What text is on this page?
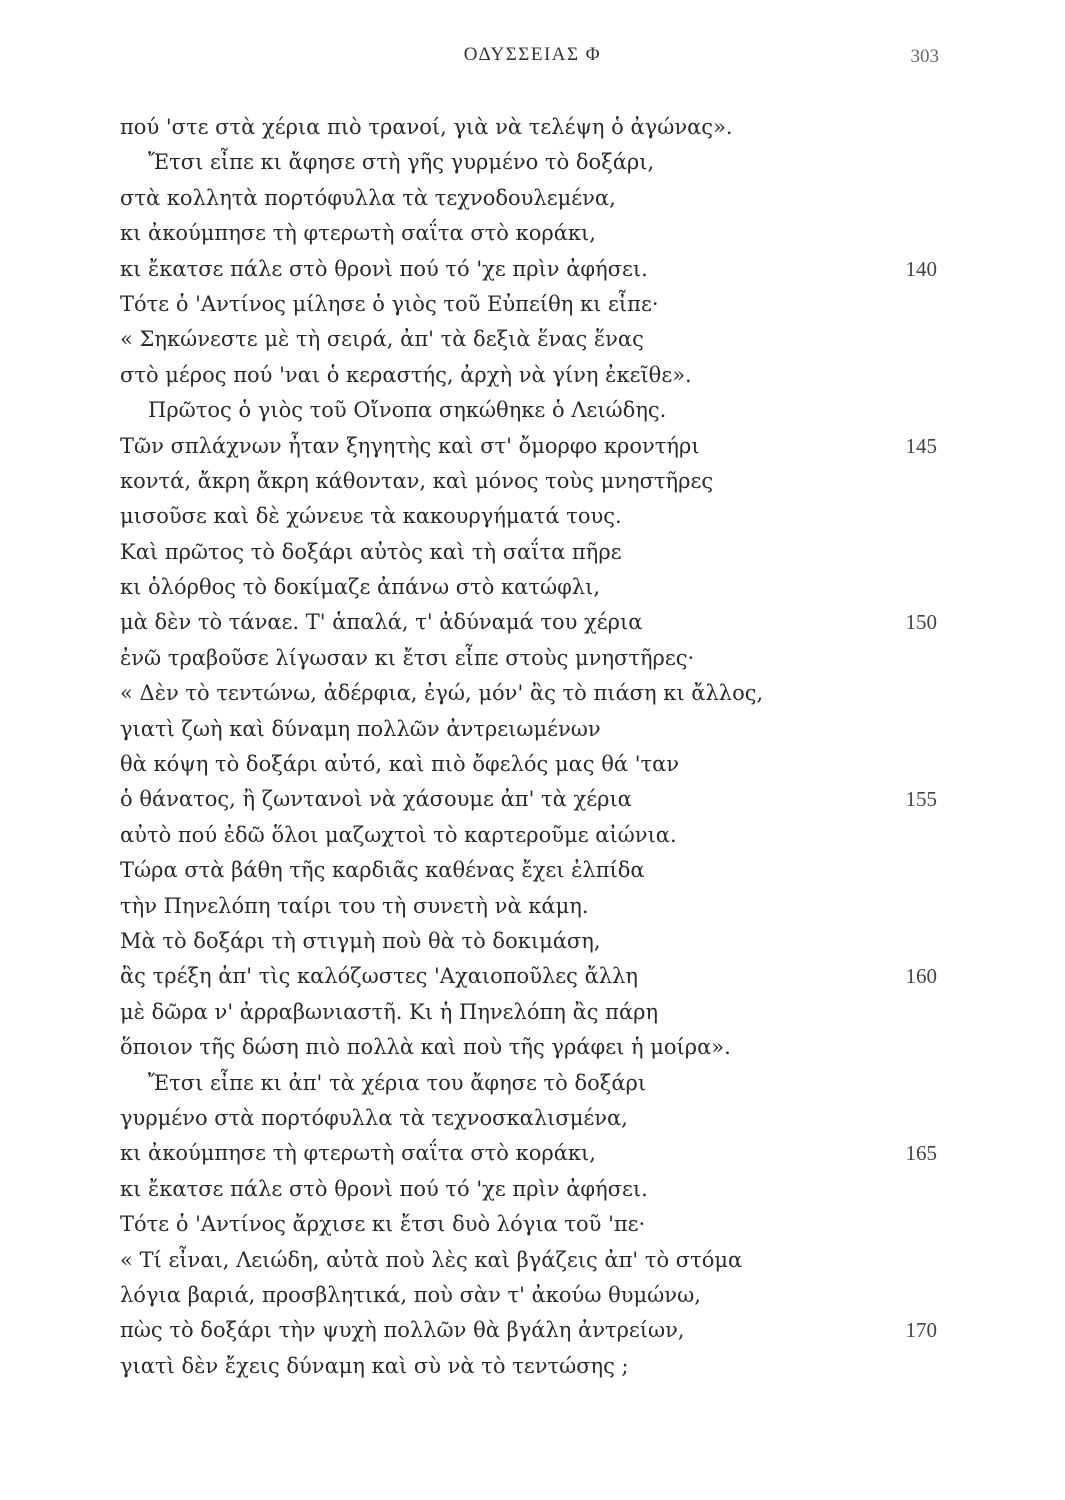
ΟΔΥΣΣΕΙΑΣ Φ	303
πού 'στε στὰ χέρια πιὸ τρανοί, γιὰ νὰ τελέψη ὁ ἀγώνας».
Ἔτσι εἶπε κι ἄφησε στὴ γῆς γυρμένο τὸ δοξάρι,
στὰ κολλητὰ πορτόφυλλα τὰ τεχνοδουλεμένα,
κι ἀκούμπησε τὴ φτερωτὴ σαΐτα στὸ κοράκι,
κι ἔκατσε πάλε στὸ θρονὶ πού τό 'χε πρὶν ἀφήσει.	140
Τότε ὁ 'Αντίνος μίλησε ὁ γιὸς τοῦ Εὐπείθη κι εἶπε·
« Σηκώνεστε μὲ τὴ σειρά, ἀπ' τὰ δεξιὰ ἕνας ἕνας
στὸ μέρος πού 'ναι ὁ κεραστής, ἀρχὴ νὰ γίνη ἐκεῖθε».
Πρῶτος ὁ γιὸς τοῦ Οἴνοπα σηκώθηκε ὁ Λειώδης.
Τῶν σπλάχνων ἦταν ξηγητὴς καὶ στ' ὄμορφο κροντήρι	145
κοντά, ἄκρη ἄκρη κάθονταν, καὶ μόνος τοὺς μνηστῆρες
μισοῦσε καὶ δὲ χώνευε τὰ κακουργήματά τους.
Καὶ πρῶτος τὸ δοξάρι αὐτὸς καὶ τὴ σαΐτα πῆρε
κι ὁλόρθος τὸ δοκίμαζε ἀπάνω στὸ κατώφλι,
μὰ δὲν τὸ τάναε. Τ' ἁπαλά, τ' ἀδύναμά του χέρια	150
ἐνῶ τραβοῦσε λίγωσαν κι ἔτσι εἶπε στοὺς μνηστῆρες·
« Δὲν τὸ τεντώνω, ἀδέρφια, ἐγώ, μόν' ἂς τὸ πιάση κι ἄλλος,
γιατὶ ζωὴ καὶ δύναμη πολλῶν ἀντρειωμένων
θὰ κόψη τὸ δοξάρι αὐτό, καὶ πιὸ ὄφελός μας θά 'ταν
ὁ θάνατος, ἢ ζωντανοὶ νὰ χάσουμε ἀπ' τὰ χέρια	155
αὐτὸ πού ἐδῶ ὅλοι μαζωχτοὶ τὸ καρτεροῦμε αἰώνια.
Τώρα στὰ βάθη τῆς καρδιᾶς καθένας ἔχει ἐλπίδα
τὴν Πηνελόπη ταίρι του τὴ συνετὴ νὰ κάμη.
Μὰ τὸ δοξάρι τὴ στιγμὴ ποὺ θὰ τὸ δοκιμάση,
ἂς τρέξη ἀπ' τὶς καλόζωστες 'Αχαιοποῦλες ἄλλη	160
μὲ δῶρα ν' ἀρραβωνιαστῆ. Κι ἡ Πηνελόπη ἂς πάρη
ὅποιον τῆς δώση πιὸ πολλὰ καὶ ποὺ τῆς γράφει ἡ μοίρα».
Ἔτσι εἶπε κι ἀπ' τὰ χέρια του ἄφησε τὸ δοξάρι
γυρμένο στὰ πορτόφυλλα τὰ τεχνοσκαλισμένα,
κι ἀκούμπησε τὴ φτερωτὴ σαΐτα στὸ κοράκι,	165
κι ἔκατσε πάλε στὸ θρονὶ πού τό 'χε πρὶν ἀφήσει.
Τότε ὁ 'Αντίνος ἄρχισε κι ἔτσι δυὸ λόγια τοῦ 'πε·
« Τί εἶναι, Λειώδη, αὐτὰ ποὺ λὲς καὶ βγάζεις ἀπ' τὸ στόμα
λόγια βαριά, προσβλητικά, ποὺ σὰν τ' ἀκούω θυμώνω,
πὼς τὸ δοξάρι τὴν ψυχὴ πολλῶν θὰ βγάλη ἀντρείων,	170
γιατὶ δὲν ἔχεις δύναμη καὶ σὺ νὰ τὸ τεντώσης ;
